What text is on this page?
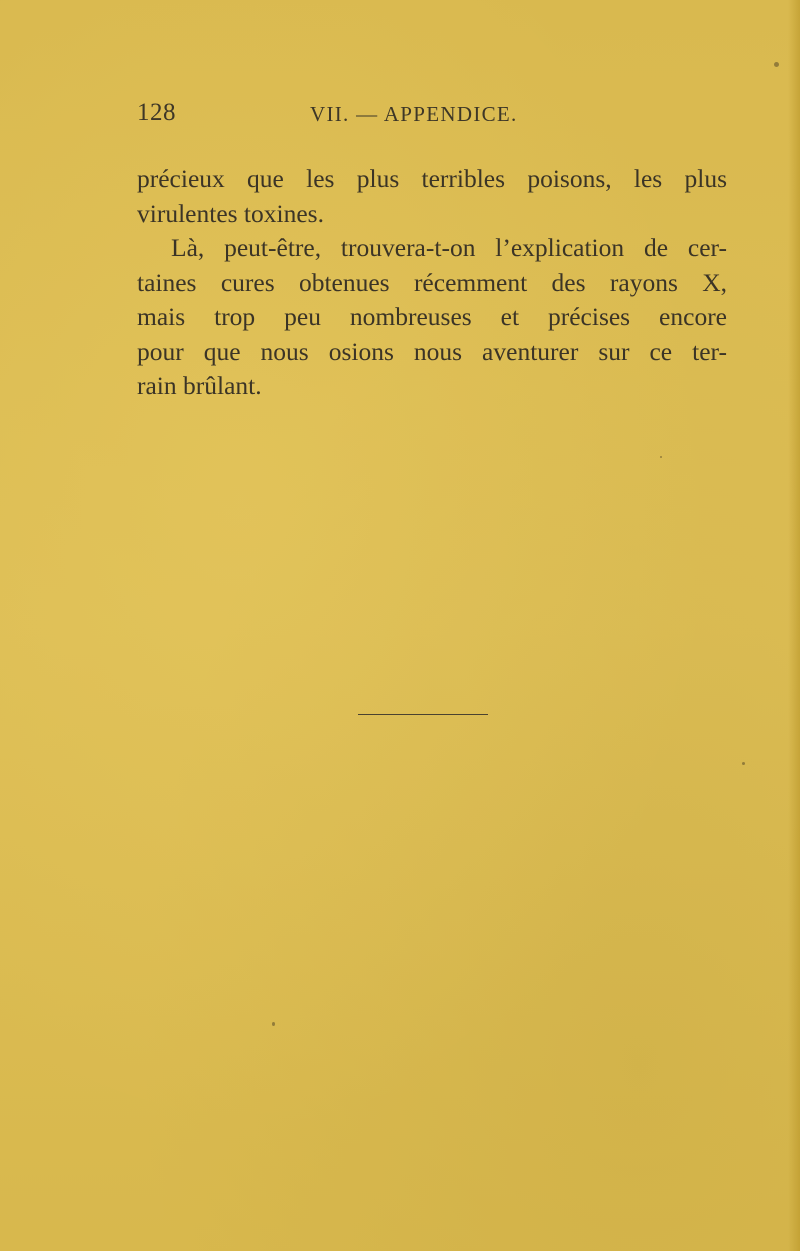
128	VII. — APPENDICE.
précieux que les plus terribles poisons, les plus
virulentes toxines.
Là, peut-être, trouvera-t-on l’explication de cer-
taines cures obtenues récemment des rayons X,
mais trop peu nombreuses et précises encore
pour que nous osions nous aventurer sur ce ter-
rain brûlant.
